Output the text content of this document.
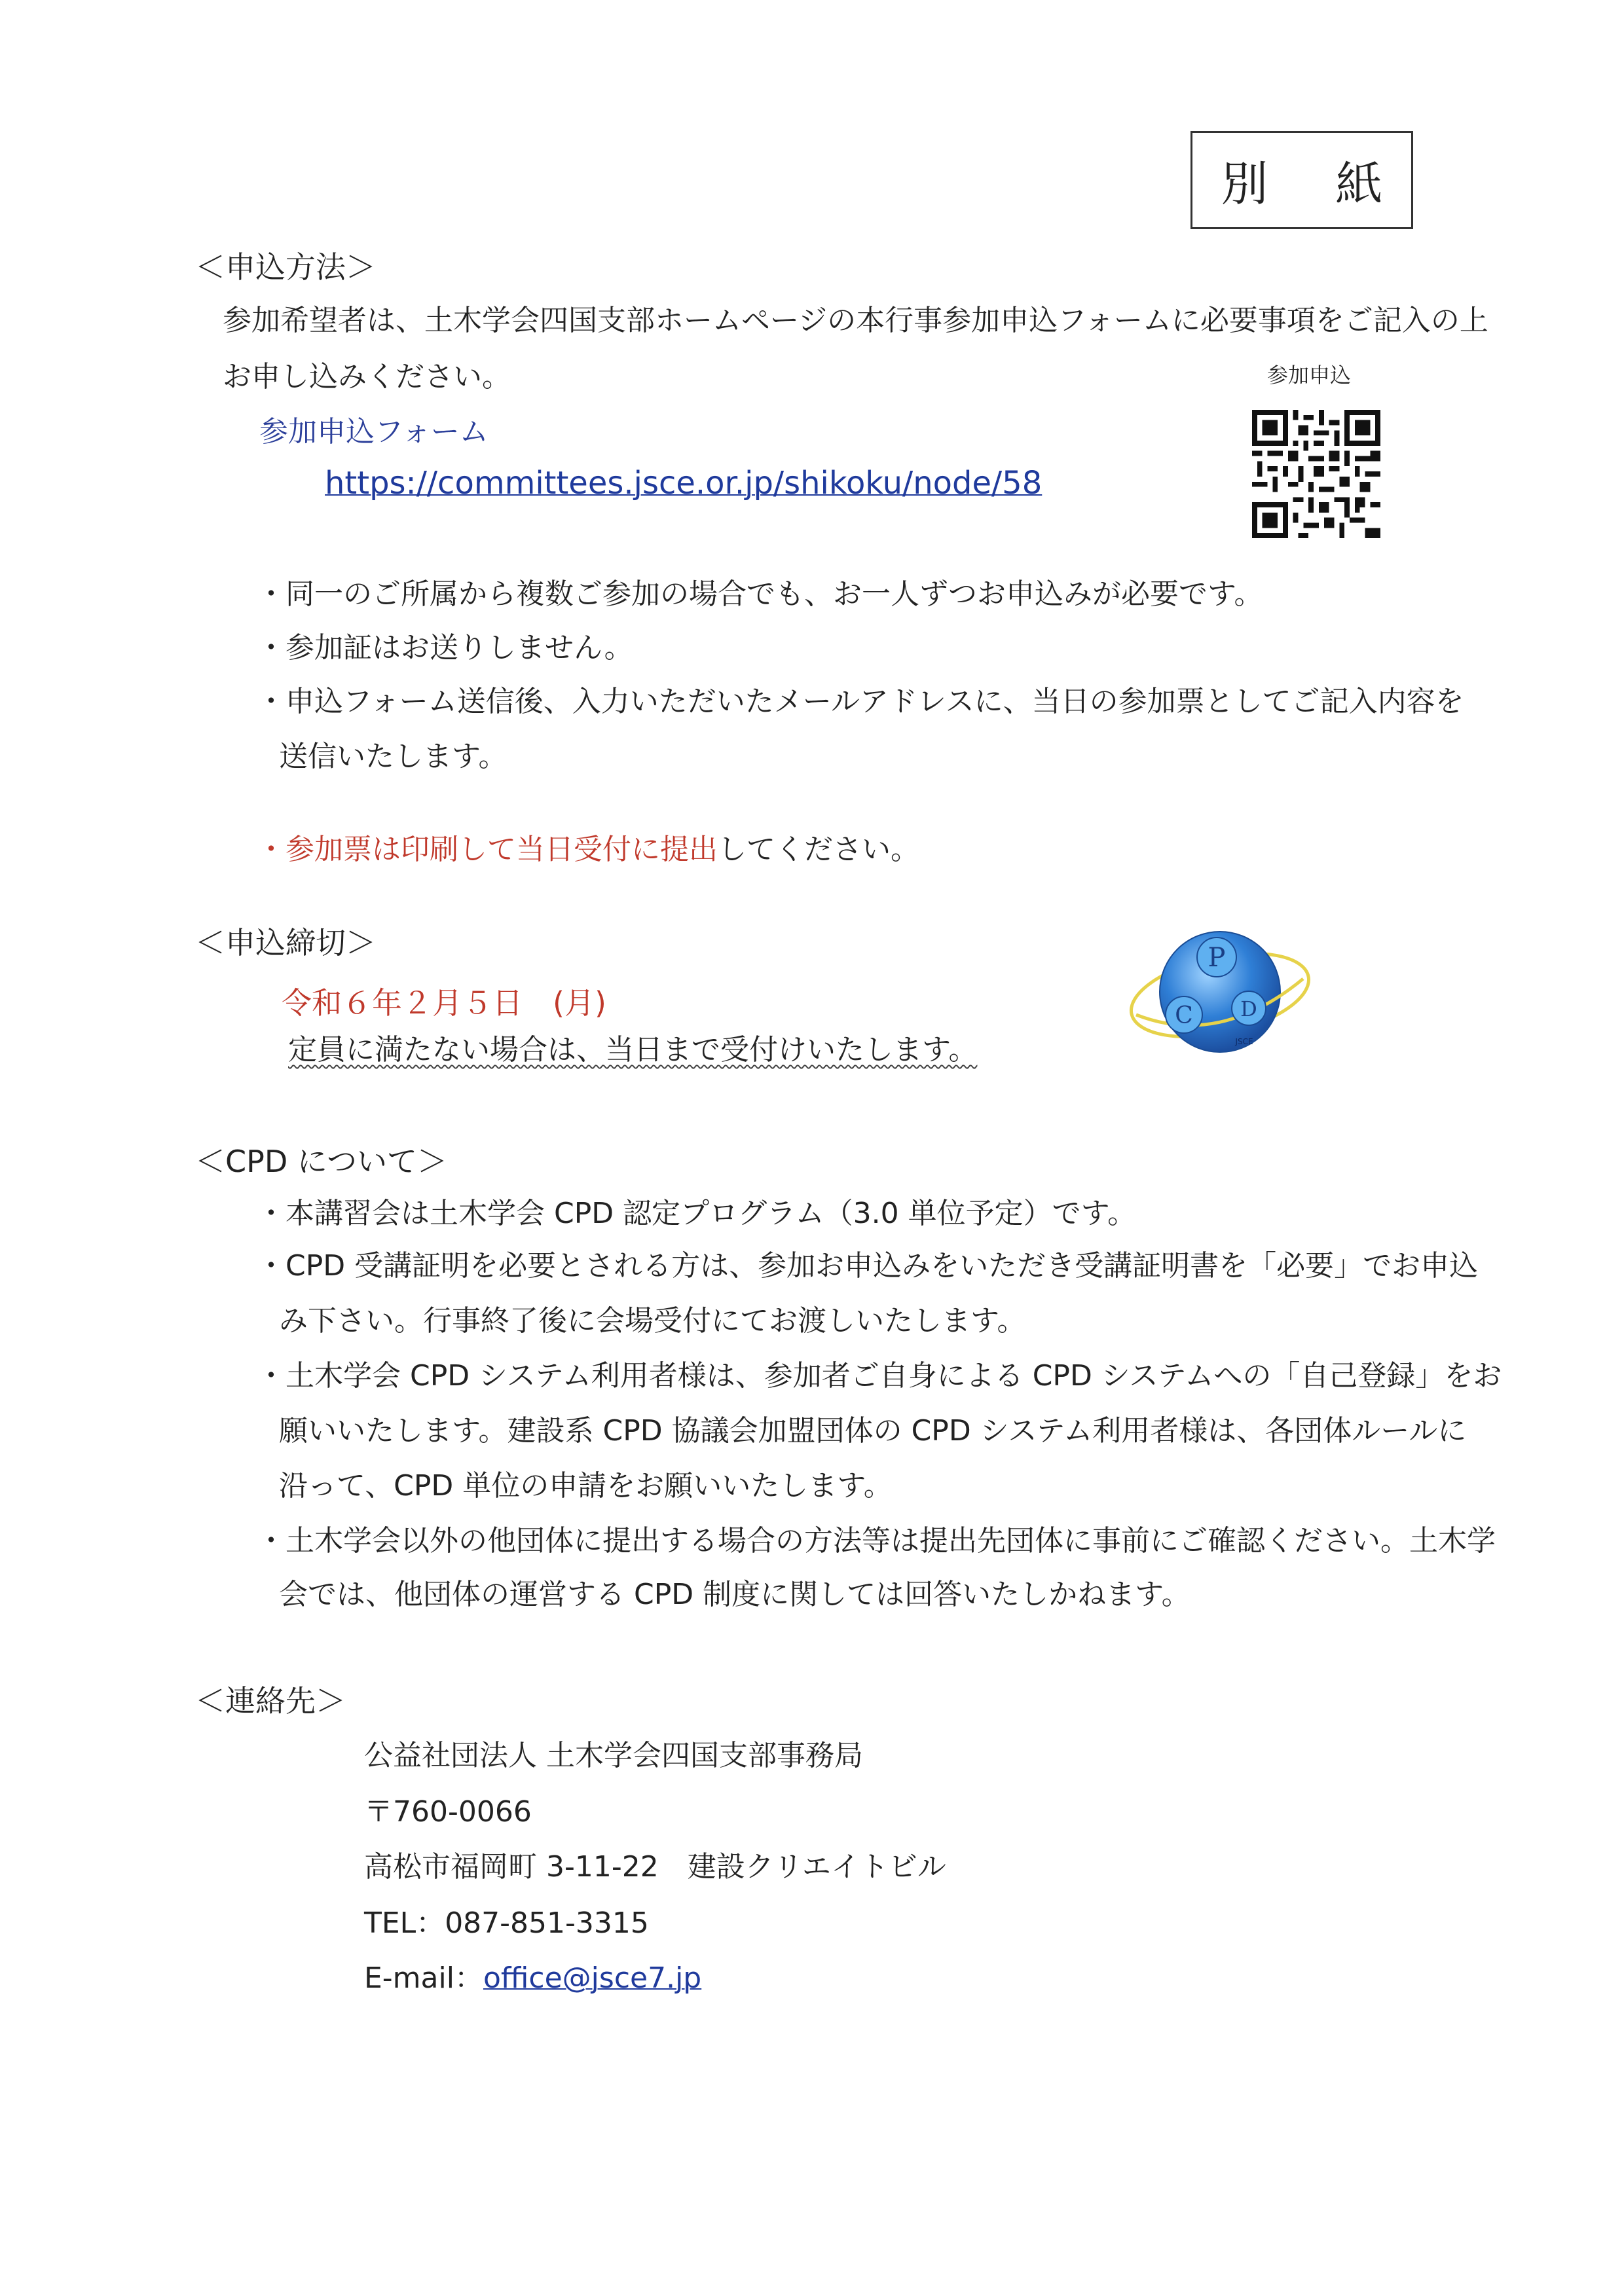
別 紙
＜申込方法＞
参加希望者は、土木学会四国支部ホームページの本行事参加申込フォームに必要事項をご記入の上
お申し込みください。
参加申込フォーム
https://committees.jsce.or.jp/shikoku/node/58
参加申込
・同一のご所属から複数ご参加の場合でも、お一人ずつお申込みが必要です。
・参加証はお送りしません。
・申込フォーム送信後、入力いただいたメールアドレスに、当日の参加票としてご記入内容を
送信いたします。
・参加票は印刷して当日受付に提出してください。
＜申込締切＞
令和６年２月５日　(月)
定員に満たない場合は、当日まで受付けいたします。
P
C D
JSCE
＜CPD について＞
・本講習会は土木学会 CPD 認定プログラム（3.0 単位予定）です。
・CPD 受講証明を必要とされる方は、参加お申込みをいただき受講証明書を「必要」でお申込
み下さい。行事終了後に会場受付にてお渡しいたします。
・土木学会 CPD システム利用者様は、参加者ご自身による CPD システムへの「自己登録」をお
願いいたします。建設系 CPD 協議会加盟団体の CPD システム利用者様は、各団体ルールに
沿って、CPD 単位の申請をお願いいたします。
・土木学会以外の他団体に提出する場合の方法等は提出先団体に事前にご確認ください。土木学
会では、他団体の運営する CPD 制度に関しては回答いたしかねます。
＜連絡先＞
公益社団法人 土木学会四国支部事務局
〒760-0066
高松市福岡町 3-11-22　建設クリエイトビル
TEL：087-851-3315
E-mail：office@jsce7.jp
